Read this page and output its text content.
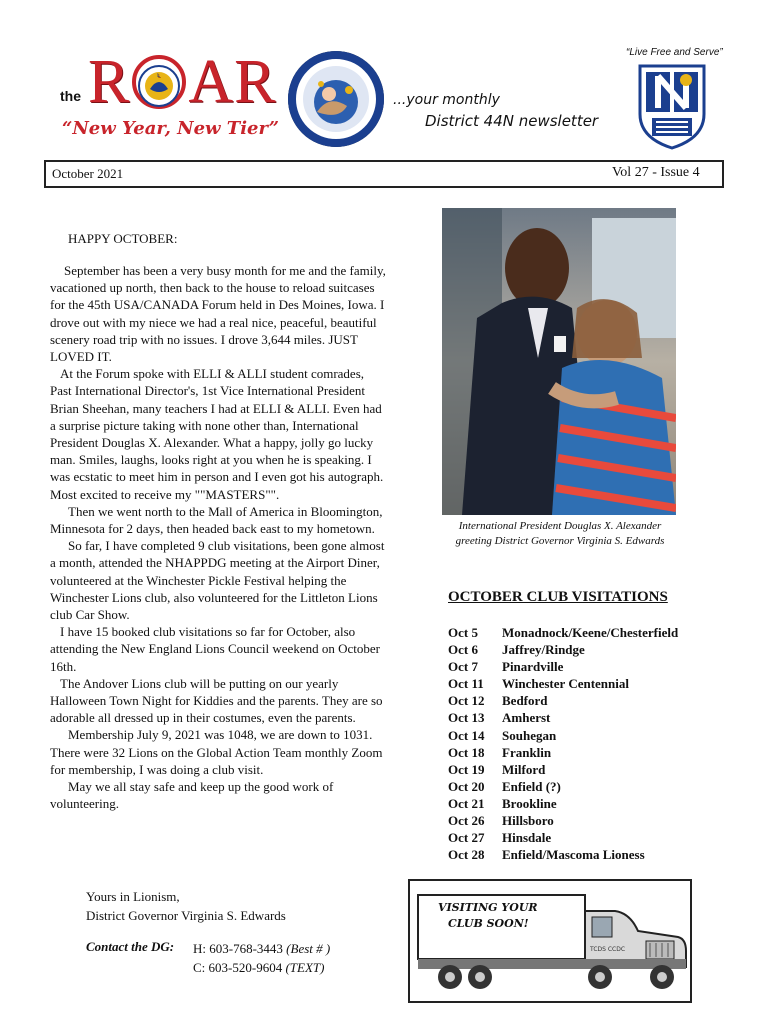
the R	L AR
“New Year, New Tier”
...your monthly
District 44N newsletter
“Live Free and Serve”
October 2021	Vol 27 - Issue 4
HAPPY OCTOBER:

September has been a very busy month for me and the family, vacationed up north, then back to the house to reload suitcases for the 45th USA/CANADA Forum held in Des Moines, Iowa. I drove out with my niece we had a real nice, peaceful, beautiful scenery road trip with no issues. I drove 3,644 miles. JUST LOVED IT.

At the Forum spoke with ELLI & ALLI student comrades, Past International Director's, 1st Vice International President Brian Sheehan, many teachers I had at ELLI & ALLI. Even had a surprise picture taking with none other than, International President Douglas X. Alexander. What a happy, jolly go lucky man. Smiles, laughs, looks right at you when he is speaking. I was ecstatic to meet him in person and I even got his autograph. Most excited to receive my ""MASTERS"".

Then we went north to the Mall of America in Bloomington, Minnesota for 2 days, then headed back east to my hometown.

So far, I have completed 9 club visitations, been gone almost a month, attended the NHAPPDG meeting at the Airport Diner, volunteered at the Winchester Pickle Festival helping the Winchester Lions club, also volunteered for the Littleton Lions club Car Show.

I have 15 booked club visitations so far for October, also attending the New England Lions Council weekend on October 16th.

The Andover Lions club will be putting on our yearly Halloween Town Night for Kiddies and the parents. They are so adorable all dressed up in their costumes, even the parents.

Membership July 9, 2021 was 1048, we are down to 1031. There were 32 Lions on the Global Action Team monthly Zoom for membership, I was doing a club visit.

May we all stay safe and keep up the good work of volunteering.

Yours in Lionism,
District Governor Virginia S. Edwards
Contact the DG: H: 603-768-3443 (Best # )
C: 603-520-9604 (TEXT)
International President Douglas X. Alexander greeting District Governor Virginia S. Edwards
OCTOBER CLUB VISITATIONS
Oct 5	Monadnock/Keene/Chesterfield
Oct 6	Jaffrey/Rindge
Oct 7	Pinardville
Oct 11	Winchester Centennial
Oct 12	Bedford
Oct 13	Amherst
Oct 14	Souhegan
Oct 18	Franklin
Oct 19	Milford
Oct 20	Enfield (?)
Oct 21	Brookline
Oct 26	Hillsboro
Oct 27	Hinsdale
Oct 28	Enfield/Mascoma Lioness
VISITING YOUR
CLUB SOON!
TCDS CCDC
